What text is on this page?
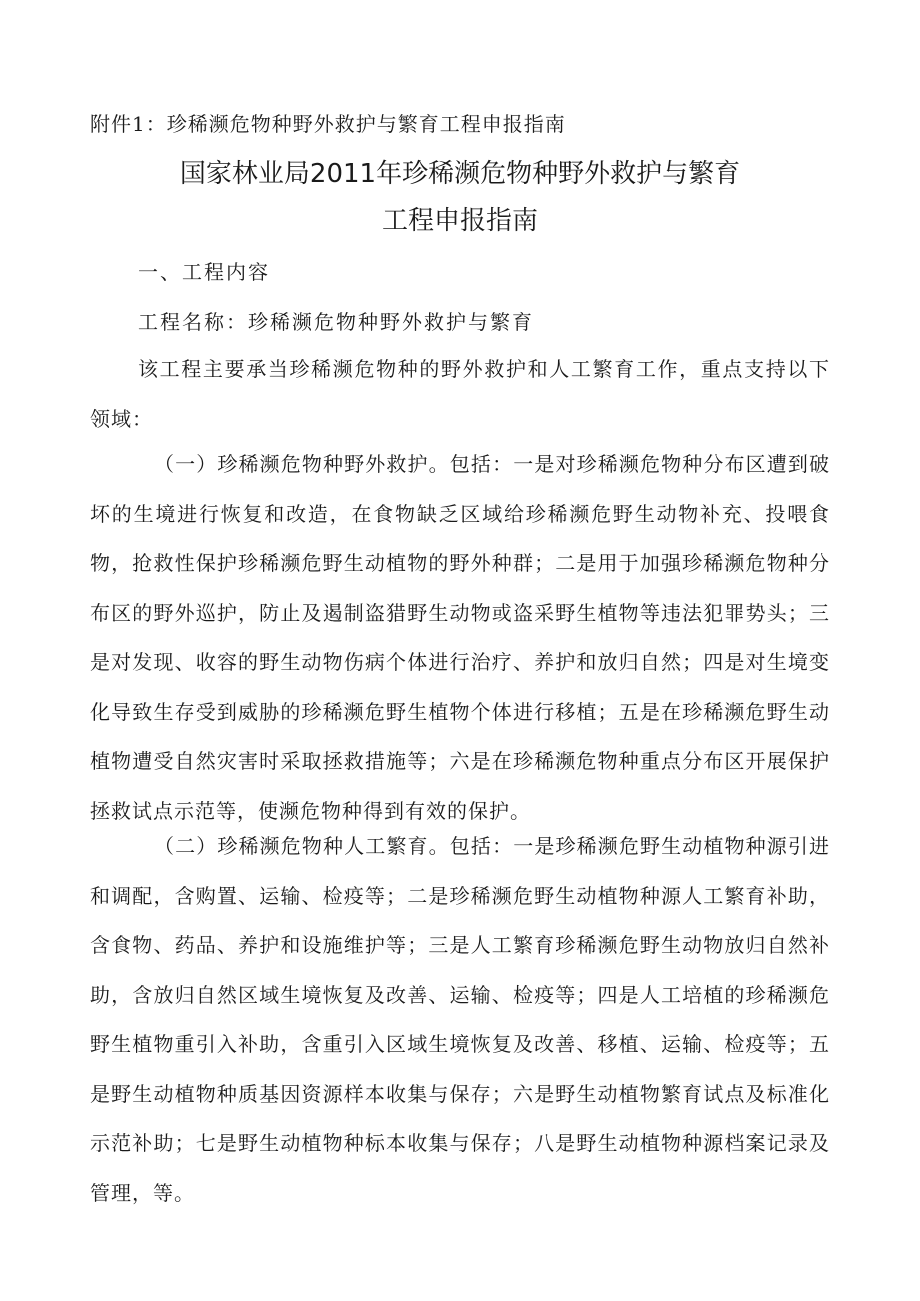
附件1：珍稀濒危物种野外救护与繁育工程申报指南
国家林业局2011年珍稀濒危物种野外救护与繁育
工程申报指南
一、工程内容
工程名称：珍稀濒危物种野外救护与繁育
该工程主要承当珍稀濒危物种的野外救护和人工繁育工作，重点支持以下领域：
（一）珍稀濒危物种野外救护。包括：一是对珍稀濒危物种分布区遭到破坏的生境进行恢复和改造，在食物缺乏区域给珍稀濒危野生动物补充、投喂食物，抢救性保护珍稀濒危野生动植物的野外种群；二是用于加强珍稀濒危物种分布区的野外巡护，防止及遏制盗猎野生动物或盗采野生植物等违法犯罪势头；三是对发现、收容的野生动物伤病个体进行治疗、养护和放归自然；四是对生境变化导致生存受到威胁的珍稀濒危野生植物个体进行移植；五是在珍稀濒危野生动植物遭受自然灾害时采取拯救措施等；六是在珍稀濒危物种重点分布区开展保护拯救试点示范等，使濒危物种得到有效的保护。
（二）珍稀濒危物种人工繁育。包括：一是珍稀濒危野生动植物种源引进和调配，含购置、运输、检疫等；二是珍稀濒危野生动植物种源人工繁育补助，含食物、药品、养护和设施维护等；三是人工繁育珍稀濒危野生动物放归自然补助，含放归自然区域生境恢复及改善、运输、检疫等；四是人工培植的珍稀濒危野生植物重引入补助，含重引入区域生境恢复及改善、移植、运输、检疫等；五是野生动植物种质基因资源样本收集与保存；六是野生动植物繁育试点及标准化示范补助；七是野生动植物种标本收集与保存；八是野生动植物种源档案记录及管理，等。
